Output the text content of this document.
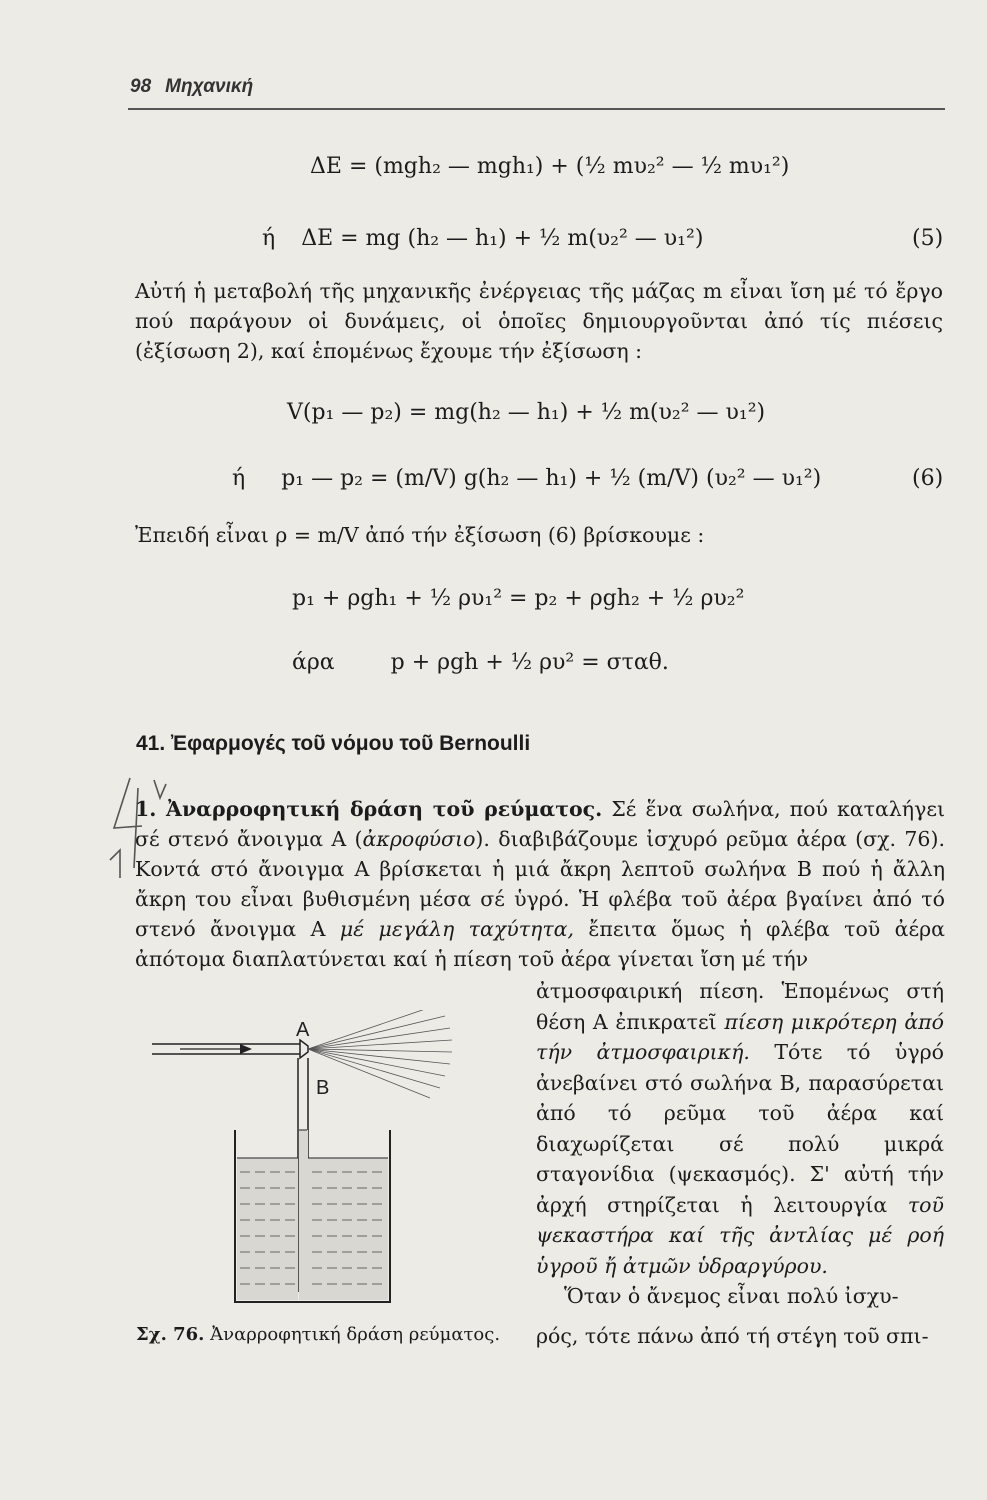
98 Μηχανική
ΔE = (mgh₂ — mgh₁) + (½ mυ₂² — ½ mυ₁²)
ή ΔE = mg (h₂ — h₁) + ½ m(υ₂² — υ₁²)	(5)
Αὐτή ἡ μεταβολή τῆς μηχανικῆς ἐνέργειας τῆς μάζας m εἶναι ἴση μέ τό ἔργο πού παράγουν οἱ δυνάμεις, οἱ ὁποῖες δημιουργοῦνται ἀπό τίς πιέσεις (ἐξίσωση 2), καί ἑπομένως ἔχουμε τήν ἐξίσωση :
V(p₁ — p₂) = mg(h₂ — h₁) + ½ m(υ₂² — υ₁²)
ή p₁ — p₂ = (m/V) g(h₂ — h₁) + ½ (m/V) (υ₂² — υ₁²)	(6)
Ἐπειδή εἶναι ρ = m/V ἀπό τήν ἐξίσωση (6) βρίσκουμε :
p₁ + ρgh₁ + ½ ρυ₁² = p₂ + ρgh₂ + ½ ρυ₂²
άρα	p + ρgh + ½ ρυ² = σταθ.
41. Ἐφαρμογές τοῦ νόμου τοῦ Bernoulli
1. Ἀναρροφητική δράση τοῦ ρεύματος. Σέ ἕνα σωλήνα, πού καταλήγει σέ στενό ἄνοιγμα Α (ἀκροφύσιο). διαβιβάζουμε ἰσχυρό ρεῦμα ἀέρα (σχ. 76). Κοντά στό ἄνοιγμα Α βρίσκεται ἡ μιά ἄκρη λεπτοῦ σωλήνα Β πού ἡ ἄλλη ἄκρη του εἶναι βυθισμένη μέσα σέ ὑγρό. Ἡ φλέβα τοῦ ἀέρα βγαίνει ἀπό τό στενό ἄνοιγμα Α μέ μεγάλη ταχύτητα, ἔπειτα ὅμως ἡ φλέβα τοῦ ἀέρα ἀπότομα διαπλατύνεται καί ἡ πίεση τοῦ ἀέρα γίνεται ἴση μέ τήν
ἀτμοσφαιρική πίεση. Ἑπομένως στή θέση Α ἐπικρατεῖ πίεση μικρότερη ἀπό τήν ἀτμοσφαιρική. Τότε τό ὑγρό ἀνεβαίνει στό σωλήνα Β, παρασύρεται ἀπό τό ρεῦμα τοῦ ἀέρα καί διαχωρίζεται σέ πολύ μικρά σταγονίδια (ψεκασμός). Σ' αὐτή τήν ἀρχή στηρίζεται ἡ λειτουργία τοῦ ψεκαστήρα καί τῆς ἀντλίας μέ ροή ὑγροῦ ἤ ἀτμῶν ὑδραργύρου.
Ὅταν ὁ ἄνεμος εἶναι πολύ ἰσχυ-
A
B
Σχ. 76. Ἀναρροφητική δράση ρεύματος. ρός, τότε πάνω ἀπό τή στέγη τοῦ σπι-
